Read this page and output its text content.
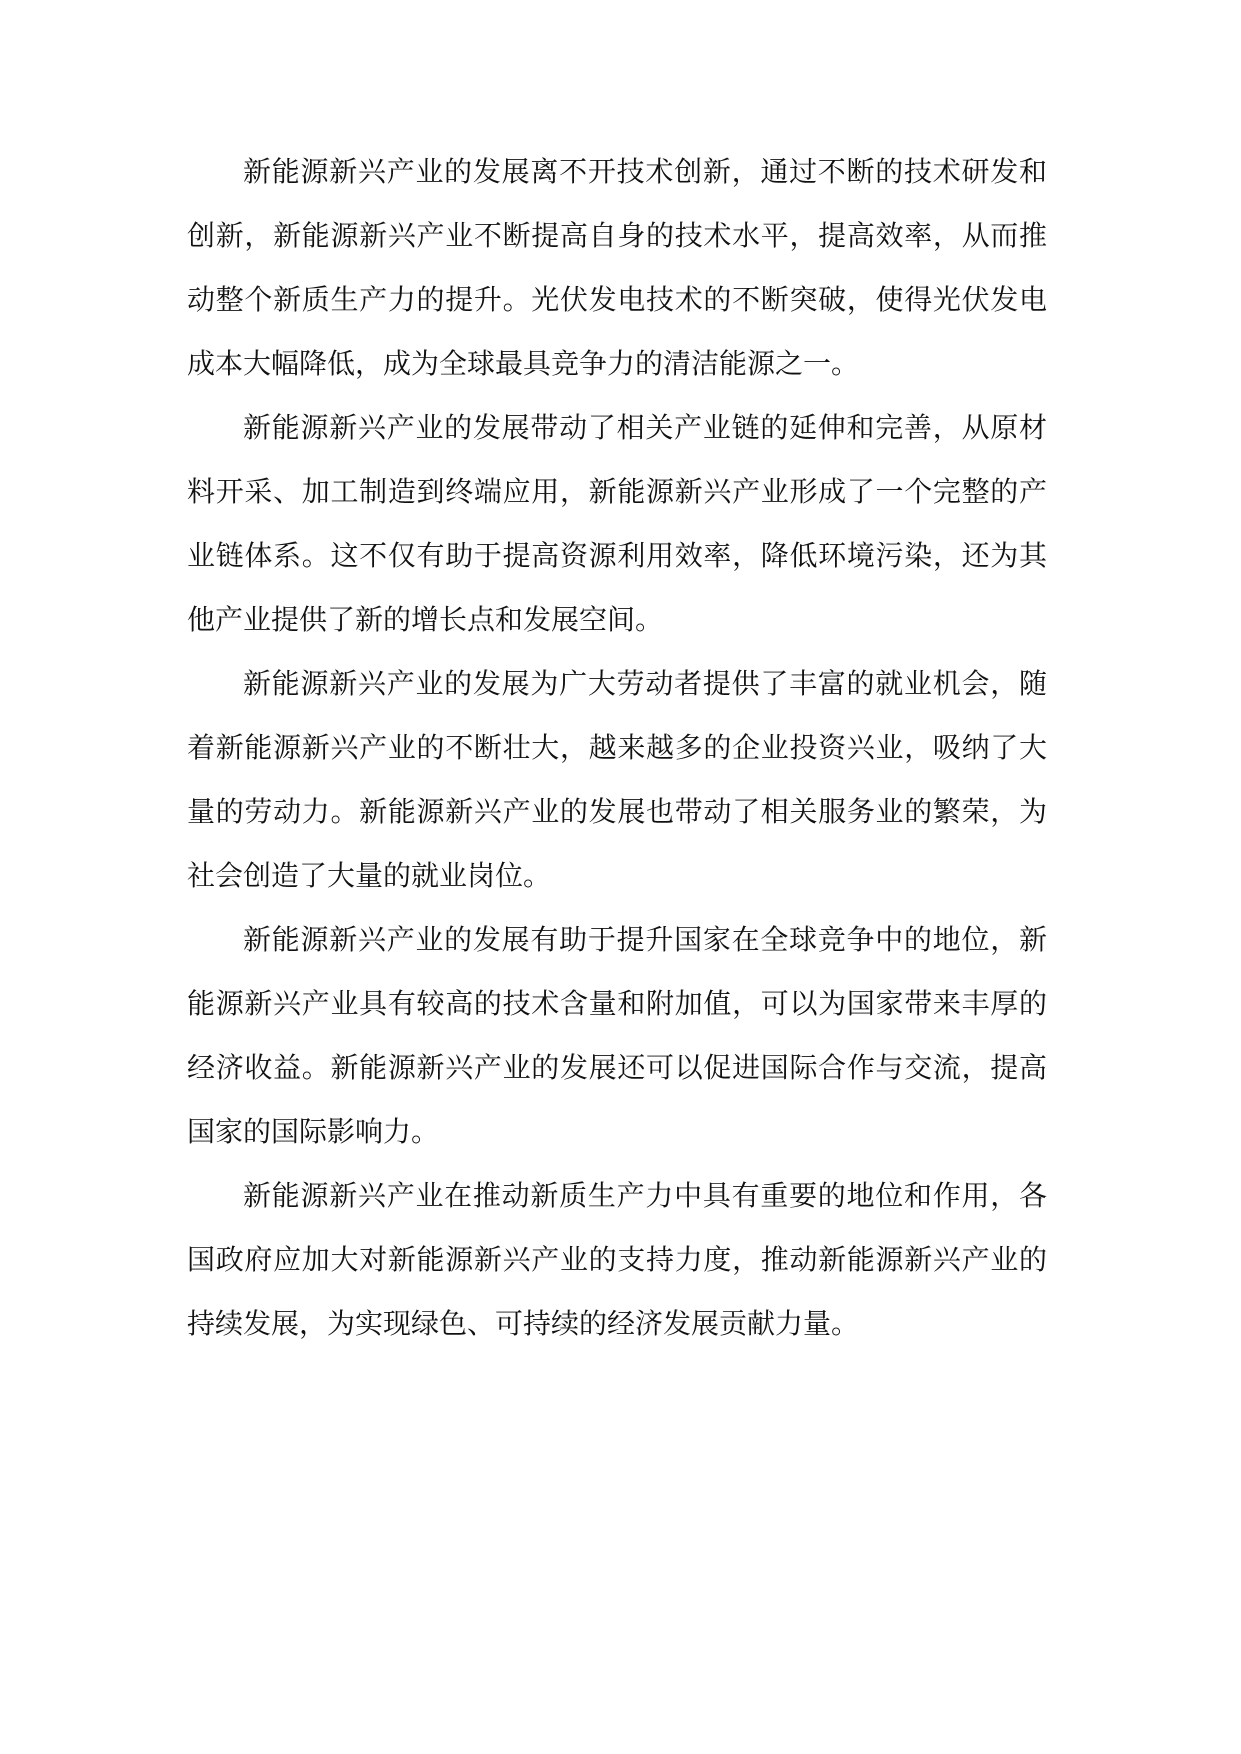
新能源新兴产业的发展离不开技术创新，通过不断的技术研发和创新，新能源新兴产业不断提高自身的技术水平，提高效率，从而推动整个新质生产力的提升。光伏发电技术的不断突破，使得光伏发电成本大幅降低，成为全球最具竞争力的清洁能源之一。

新能源新兴产业的发展带动了相关产业链的延伸和完善，从原材料开采、加工制造到终端应用，新能源新兴产业形成了一个完整的产业链体系。这不仅有助于提高资源利用效率，降低环境污染，还为其他产业提供了新的增长点和发展空间。

新能源新兴产业的发展为广大劳动者提供了丰富的就业机会，随着新能源新兴产业的不断壮大，越来越多的企业投资兴业，吸纳了大量的劳动力。新能源新兴产业的发展也带动了相关服务业的繁荣，为社会创造了大量的就业岗位。

新能源新兴产业的发展有助于提升国家在全球竞争中的地位，新能源新兴产业具有较高的技术含量和附加值，可以为国家带来丰厚的经济收益。新能源新兴产业的发展还可以促进国际合作与交流，提高国家的国际影响力。

新能源新兴产业在推动新质生产力中具有重要的地位和作用，各国政府应加大对新能源新兴产业的支持力度，推动新能源新兴产业的持续发展，为实现绿色、可持续的经济发展贡献力量。
